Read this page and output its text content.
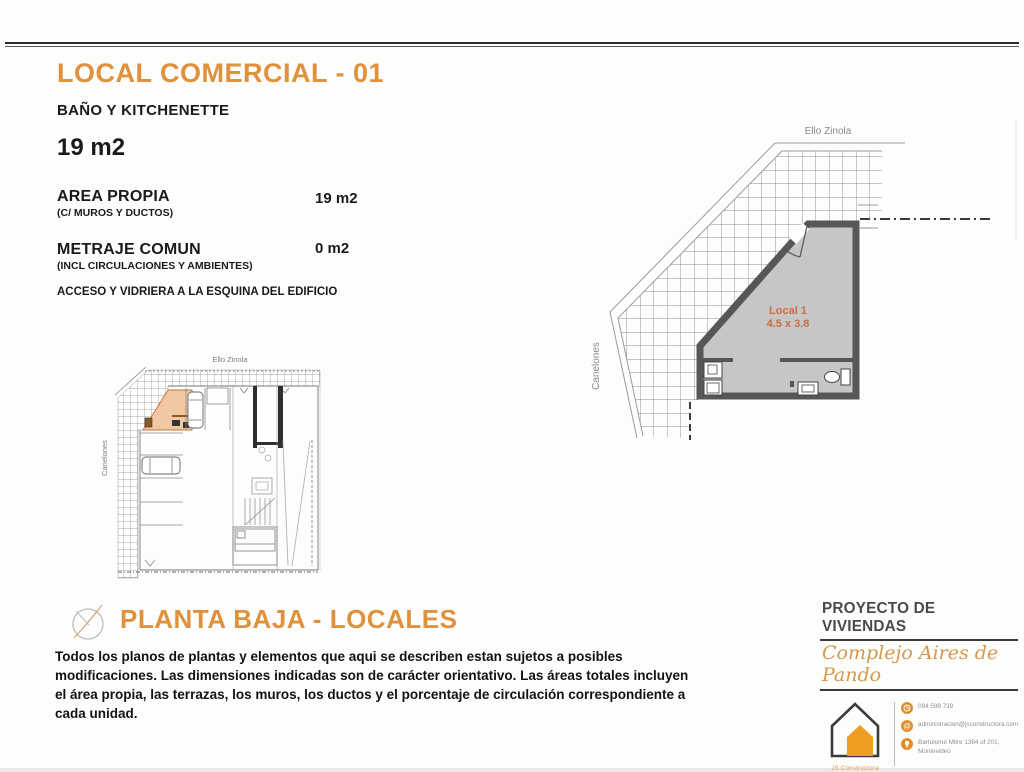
LOCAL COMERCIAL - 01
BAÑO Y KITCHENETTE
19 m2
AREA PROPIA
(C/ MUROS Y DUCTOS)
19 m2
METRAJE COMUN
(INCL CIRCULACIONES Y AMBIENTES)
0 m2
ACCESO Y VIDRIERA A LA ESQUINA DEL EDIFICIO
Ello Zinola
Canelones
Ello Zinola
Canelones
Local 1
4.5 x 3.8
PLANTA BAJA - LOCALES
Todos los planos de plantas y elementos que aqui se describen estan sujetos a posibles modificaciones. Las dimensiones indicadas son de carácter orientativo. Las áreas totales incluyen el área propia, las terrazas, los muros, los ductos y el porcentaje de circulación correspondiente a cada unidad.
PROYECTO DE VIVIENDAS
Complejo Aires de Pando
JS Constructora
094 598 739
@ administracion@jsconstructora.com
Bartolomé Mitre 1384 of 201, Montevideo
